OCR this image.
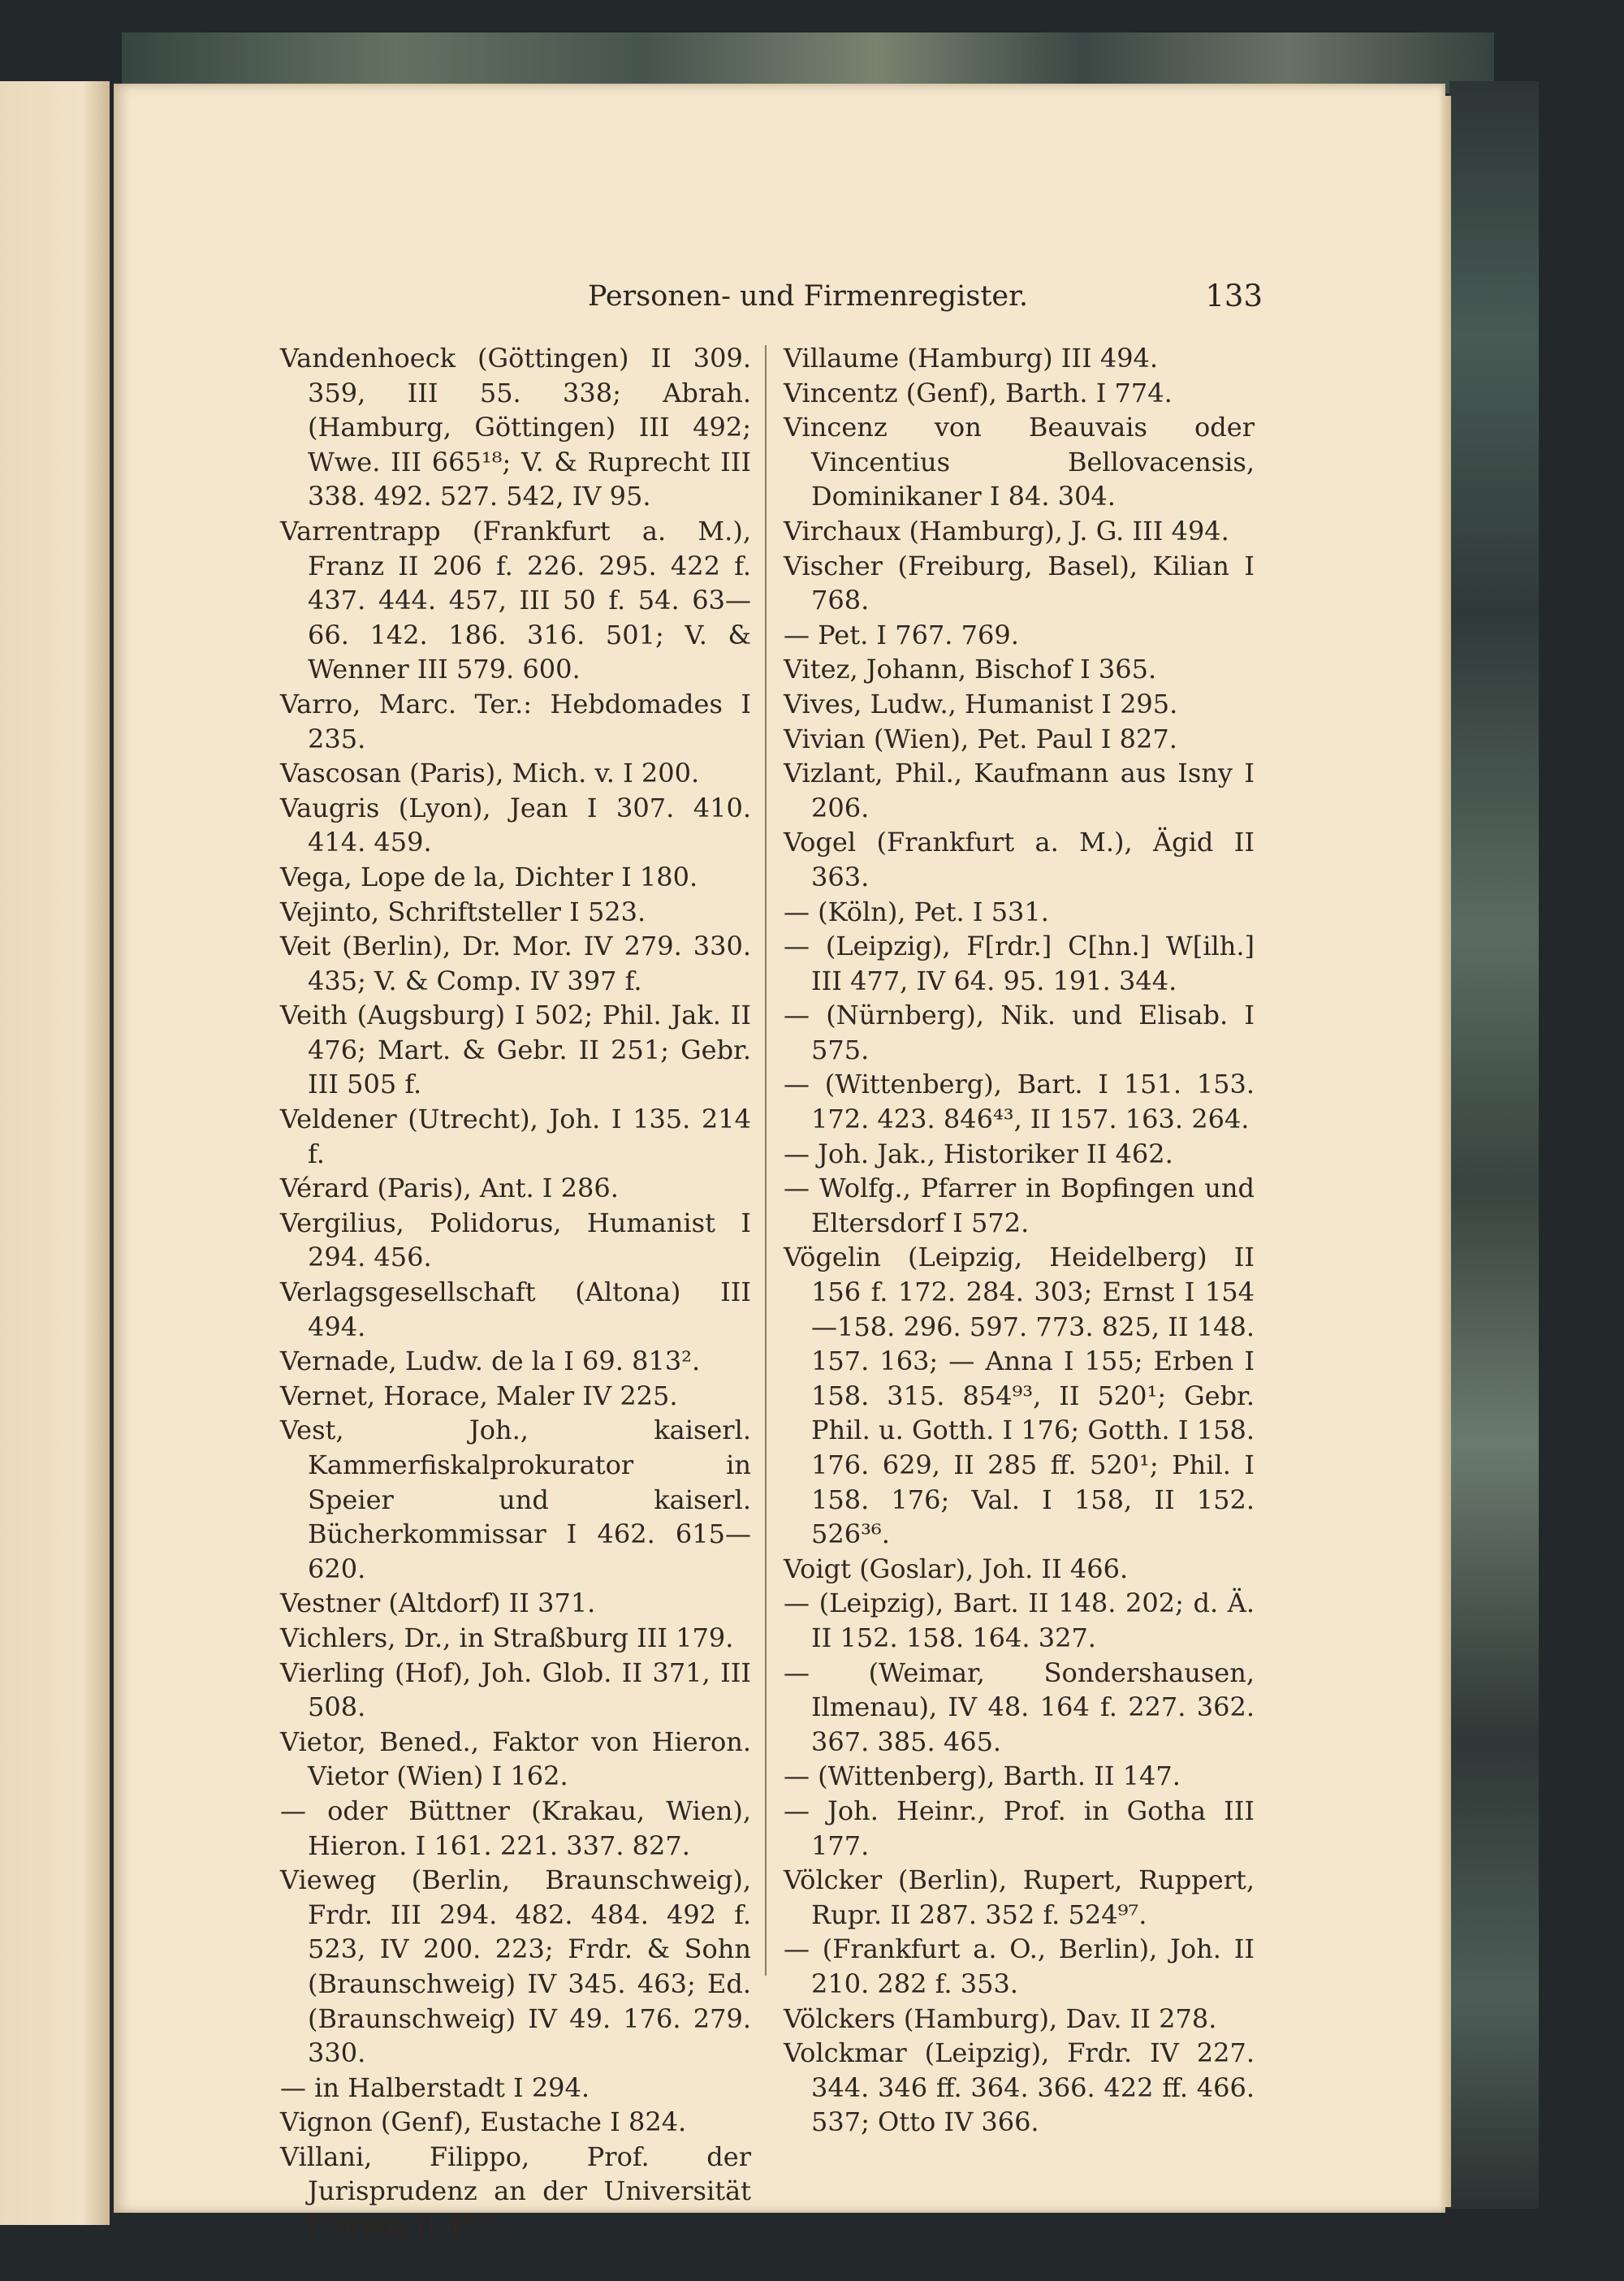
Personen- und Firmenregister.	133
Vandenhoeck (Göttingen) II 309. 359, III 55. 338; Abrah. (Hamburg, Göttingen) III 492; Wwe. III 665¹⁸; V. & Ruprecht III 338. 492. 527. 542, IV 95.
Varrentrapp (Frankfurt a. M.), Franz II 206 f. 226. 295. 422 f. 437. 444. 457, III 50 f. 54. 63—66. 142. 186. 316. 501; V. & Wenner III 579. 600.
Varro, Marc. Ter.: Hebdomades I 235.
Vascosan (Paris), Mich. v. I 200.
Vaugris (Lyon), Jean I 307. 410. 414. 459.
Vega, Lope de la, Dichter I 180.
Vejinto, Schriftsteller I 523.
Veit (Berlin), Dr. Mor. IV 279. 330. 435; V. & Comp. IV 397 f.
Veith (Augsburg) I 502; Phil. Jak. II 476; Mart. & Gebr. II 251; Gebr. III 505 f.
Veldener (Utrecht), Joh. I 135. 214 f.
Vérard (Paris), Ant. I 286.
Vergilius, Polidorus, Humanist I 294. 456.
Verlagsgesellschaft (Altona) III 494.
Vernade, Ludw. de la I 69. 813².
Vernet, Horace, Maler IV 225.
Vest, Joh., kaiserl. Kammerfiskalprokurator in Speier und kaiserl. Bücherkommissar I 462. 615—620.
Vestner (Altdorf) II 371.
Vichlers, Dr., in Straßburg III 179.
Vierling (Hof), Joh. Glob. II 371, III 508.
Vietor, Bened., Faktor von Hieron. Vietor (Wien) I 162.
— oder Büttner (Krakau, Wien), Hieron. I 161. 221. 337. 827.
Vieweg (Berlin, Braunschweig), Frdr. III 294. 482. 484. 492 f. 523, IV 200. 223; Frdr. & Sohn (Braunschweig) IV 345. 463; Ed. (Braunschweig) IV 49. 176. 279. 330.
— in Halberstadt I 294.
Vignon (Genf), Eustache I 824.
Villani, Filippo, Prof. der Jurisprudenz an der Universität Florenz II 453.
Villaume (Hamburg) III 494.
Vincentz (Genf), Barth. I 774.
Vincenz von Beauvais oder Vincentius Bellovacensis, Dominikaner I 84. 304.
Virchaux (Hamburg), J. G. III 494.
Vischer (Freiburg, Basel), Kilian I 768.
— Pet. I 767. 769.
Vitez, Johann, Bischof I 365.
Vives, Ludw., Humanist I 295.
Vivian (Wien), Pet. Paul I 827.
Vizlant, Phil., Kaufmann aus Isny I 206.
Vogel (Frankfurt a. M.), Ägid II 363.
— (Köln), Pet. I 531.
— (Leipzig), F[rdr.] C[hn.] W[ilh.] III 477, IV 64. 95. 191. 344.
— (Nürnberg), Nik. und Elisab. I 575.
— (Wittenberg), Bart. I 151. 153. 172. 423. 846⁴³, II 157. 163. 264.
— Joh. Jak., Historiker II 462.
— Wolfg., Pfarrer in Bopfingen und Eltersdorf I 572.
Vögelin (Leipzig, Heidelberg) II 156 f. 172. 284. 303; Ernst I 154—158. 296. 597. 773. 825, II 148. 157. 163; — Anna I 155; Erben I 158. 315. 854⁹³, II 520¹; Gebr. Phil. u. Gotth. I 176; Gotth. I 158. 176. 629, II 285 ff. 520¹; Phil. I 158. 176; Val. I 158, II 152. 526³⁶.
Voigt (Goslar), Joh. II 466.
— (Leipzig), Bart. II 148. 202; d. Ä. II 152. 158. 164. 327.
— (Weimar, Sondershausen, Ilmenau), IV 48. 164 f. 227. 362. 367. 385. 465.
— (Wittenberg), Barth. II 147.
— Joh. Heinr., Prof. in Gotha III 177.
Völcker (Berlin), Rupert, Ruppert, Rupr. II 287. 352 f. 524⁹⁷.
— (Frankfurt a. O., Berlin), Joh. II 210. 282 f. 353.
Völckers (Hamburg), Dav. II 278.
Volckmar (Leipzig), Frdr. IV 227. 344. 346 ff. 364. 366. 422 ff. 466. 537; Otto IV 366.
